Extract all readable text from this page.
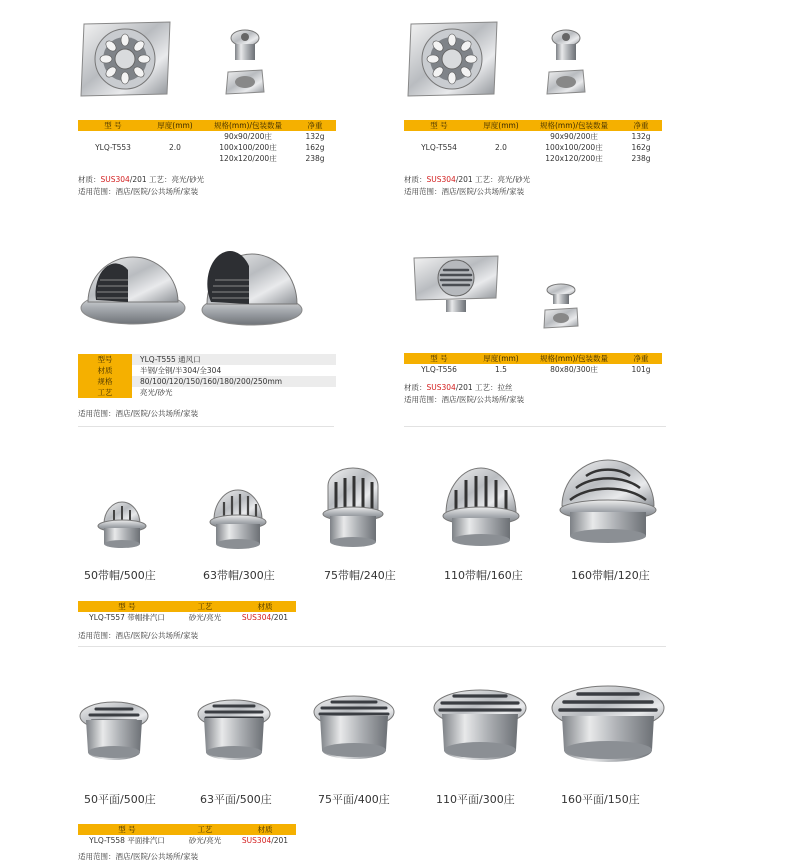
型 号	厚度(mm)	规格(mm)/包装数量	净重
YLQ-T553	2.0	90x90/200庄	132g
		100x100/200庄	162g
		120x120/200庄	238g
材质：SUS304/201 工艺：亮光/砂光
适用范围：酒店/医院/公共场所/家装
型 号	厚度(mm)	规格(mm)/包装数量	净重
YLQ-T554	2.0	90x90/200庄	132g
		100x100/200庄	162g
		120x120/200庄	238g
材质：SUS304/201 工艺：亮光/砂光
适用范围：酒店/医院/公共场所/家装
型号	YLQ-T555 通风口
材质	半钢/全钢/半304/全304
规格	80/100/120/150/160/180/200/250mm
工艺	亮光/砂光
适用范围：酒店/医院/公共场所/家装
型 号	厚度(mm)	规格(mm)/包装数量	净重
YLQ-T556	1.5	80x80/300庄	101g
材质：SUS304/201 工艺：拉丝
适用范围：酒店/医院/公共场所/家装
50带帽/500庄	63带帽/300庄	75带帽/240庄	110带帽/160庄	160带帽/120庄
型 号	工艺	材质
YLQ-T557 带帽排汽口	砂光/亮光	SUS304/201
适用范围：酒店/医院/公共场所/家装
50平面/500庄	63平面/500庄	75平面/400庄	110平面/300庄	160平面/150庄
型 号	工艺	材质
YLQ-T558 平面排汽口	砂光/亮光	SUS304/201
适用范围：酒店/医院/公共场所/家装
